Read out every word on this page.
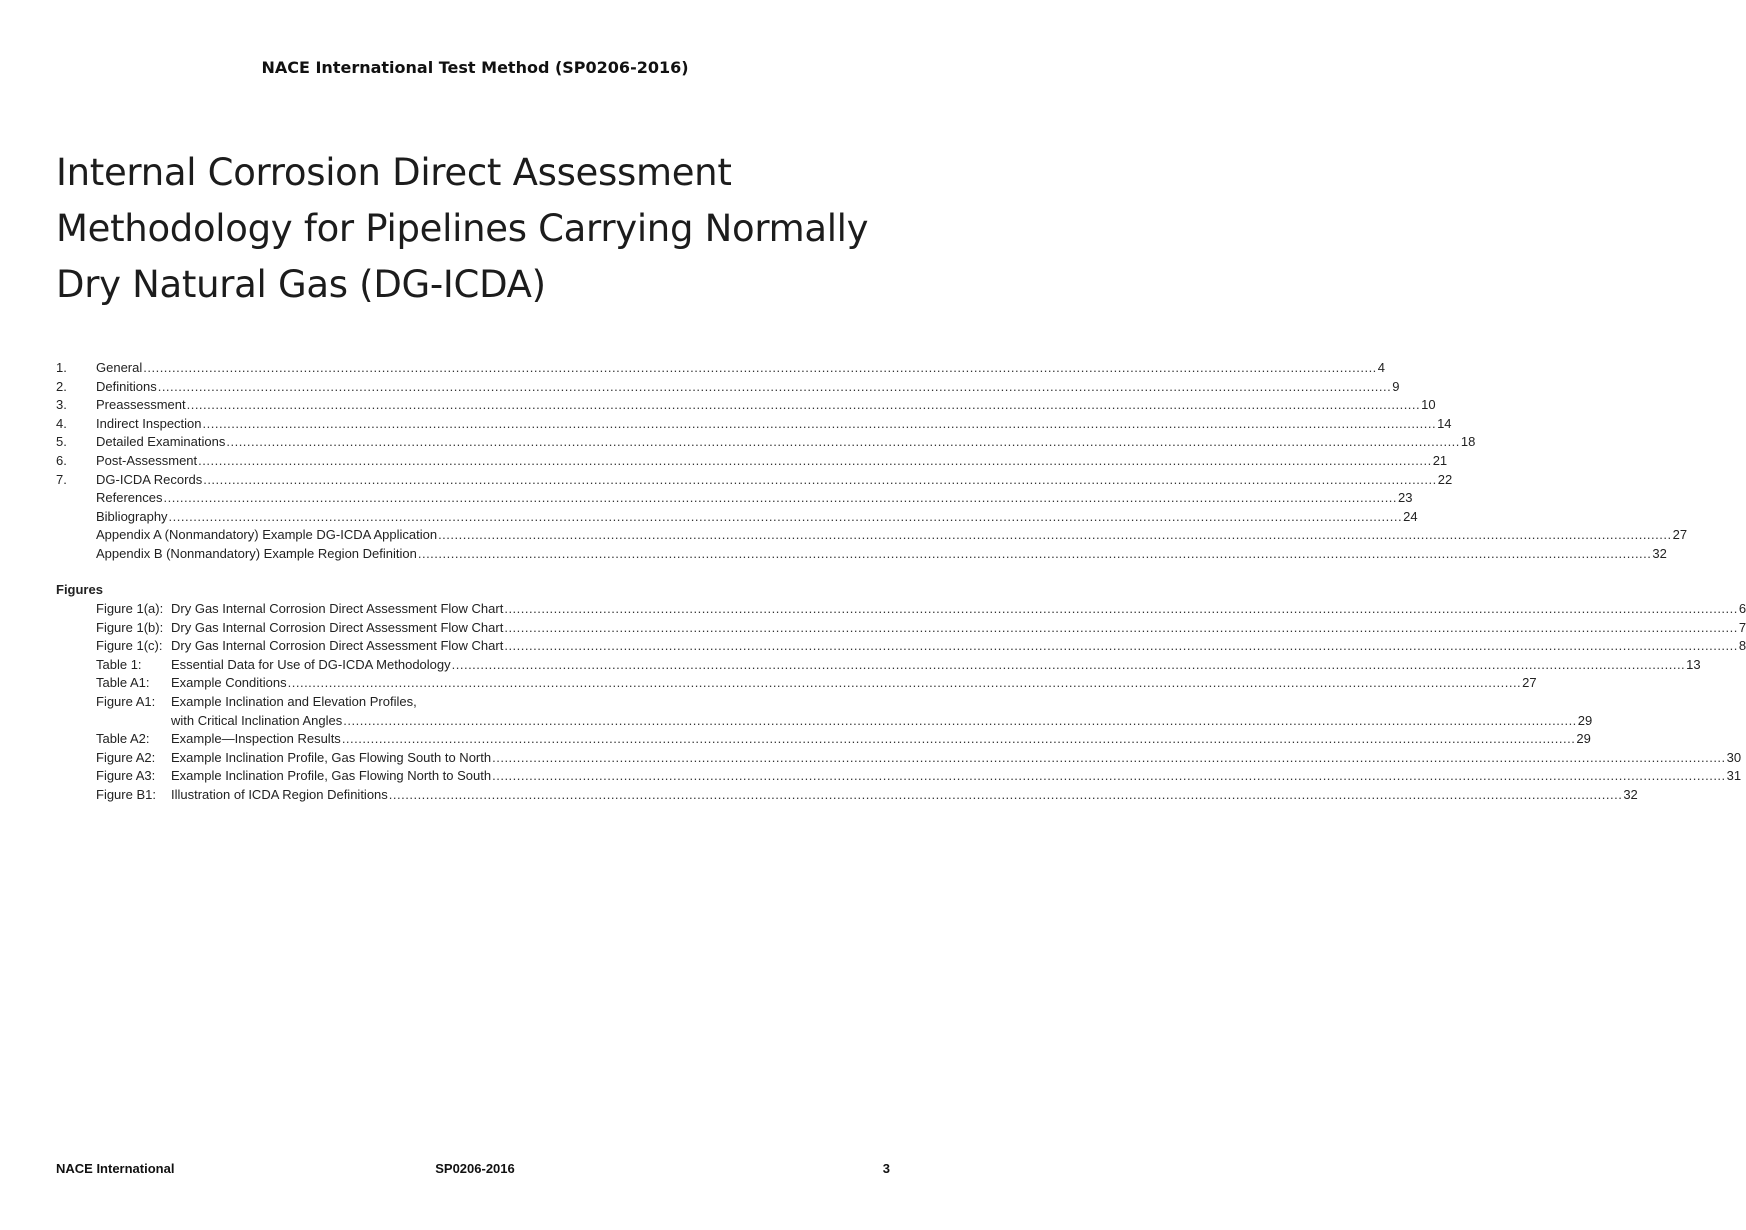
NACE International Test Method (SP0206-2016)
Internal Corrosion Direct Assessment
Methodology for Pipelines Carrying Normally
Dry Natural Gas (DG-ICDA)
1. General ............................................................................................................................................................................................................................................................................................................ 4
2. Definitions ............................................................................................................................................................................................................................................................................................................ 9
3. Preassessment ............................................................................................................................................................................................................................................................................................................ 10
4. Indirect Inspection ............................................................................................................................................................................................................................................................................................................ 14
5. Detailed Examinations ............................................................................................................................................................................................................................................................................................................ 18
6. Post-Assessment ............................................................................................................................................................................................................................................................................................................ 21
7. DG-ICDA Records ............................................................................................................................................................................................................................................................................................................ 22
References ............................................................................................................................................................................................................................................................................................................ 23
Bibliography ............................................................................................................................................................................................................................................................................................................ 24
Appendix A (Nonmandatory) Example DG-ICDA Application ............................................................................................................................................................................................................................................................................................................ 27
Appendix B (Nonmandatory) Example Region Definition ............................................................................................................................................................................................................................................................................................................ 32
Figures
Figure 1(a): Dry Gas Internal Corrosion Direct Assessment Flow Chart ............................................................................................................................................................................................................................................................................................................ 6
Figure 1(b): Dry Gas Internal Corrosion Direct Assessment Flow Chart ............................................................................................................................................................................................................................................................................................................ 7
Figure 1(c): Dry Gas Internal Corrosion Direct Assessment Flow Chart ............................................................................................................................................................................................................................................................................................................ 8
Table 1: Essential Data for Use of DG-ICDA Methodology ............................................................................................................................................................................................................................................................................................................ 13
Table A1: Example Conditions ............................................................................................................................................................................................................................................................................................................ 27
Figure A1: Example Inclination and Elevation Profiles,
with Critical Inclination Angles ............................................................................................................................................................................................................................................................................................................ 29
Table A2: Example—Inspection Results ............................................................................................................................................................................................................................................................................................................ 29
Figure A2: Example Inclination Profile, Gas Flowing South to North ............................................................................................................................................................................................................................................................................................................ 30
Figure A3: Example Inclination Profile, Gas Flowing North to South ............................................................................................................................................................................................................................................................................................................ 31
Figure B1: Illustration of ICDA Region Definitions ............................................................................................................................................................................................................................................................................................................ 32
NACE International	SP0206-2016	3
